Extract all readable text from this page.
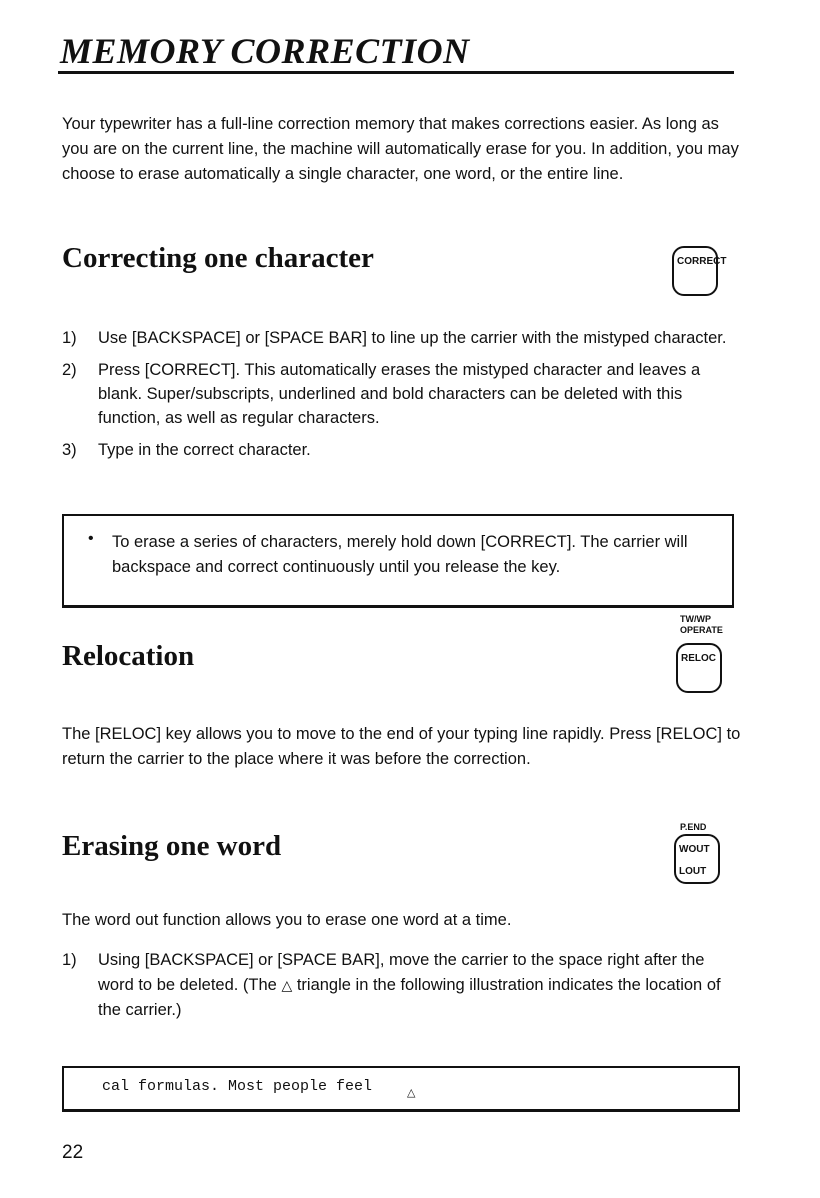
MEMORY CORRECTION

Your typewriter has a full-line correction memory that makes corrections easier. As long as you are on the current line, the machine will automatically erase for you. In addition, you may choose to erase automatically a single character, one word, or the entire line.

Correcting one character	CORRECT
1) Use [BACKSPACE] or [SPACE BAR] to line up the carrier with the mistyped character.
2) Press [CORRECT]. This automatically erases the mistyped character and leaves a blank. Super/subscripts, underlined and bold characters can be deleted with this function, as well as regular characters.
3) Type in the correct character.
• To erase a series of characters, merely hold down [CORRECT]. The carrier will backspace and correct continuously until you release the key.
TW/WP
OPERATE
Relocation	RELOC

The [RELOC] key allows you to move to the end of your typing line rapidly. Press [RELOC] to return the carrier to the place where it was before the correction.

P.END
Erasing one word	WOUT
LOUT

The word out function allows you to erase one word at a time.

1)	Using [BACKSPACE] or [SPACE BAR], move the carrier to the space right after the word to be deleted. (The △ triangle in the following illustration indicates the location of the carrier.)
cal formulas. Most people feel	△
22
